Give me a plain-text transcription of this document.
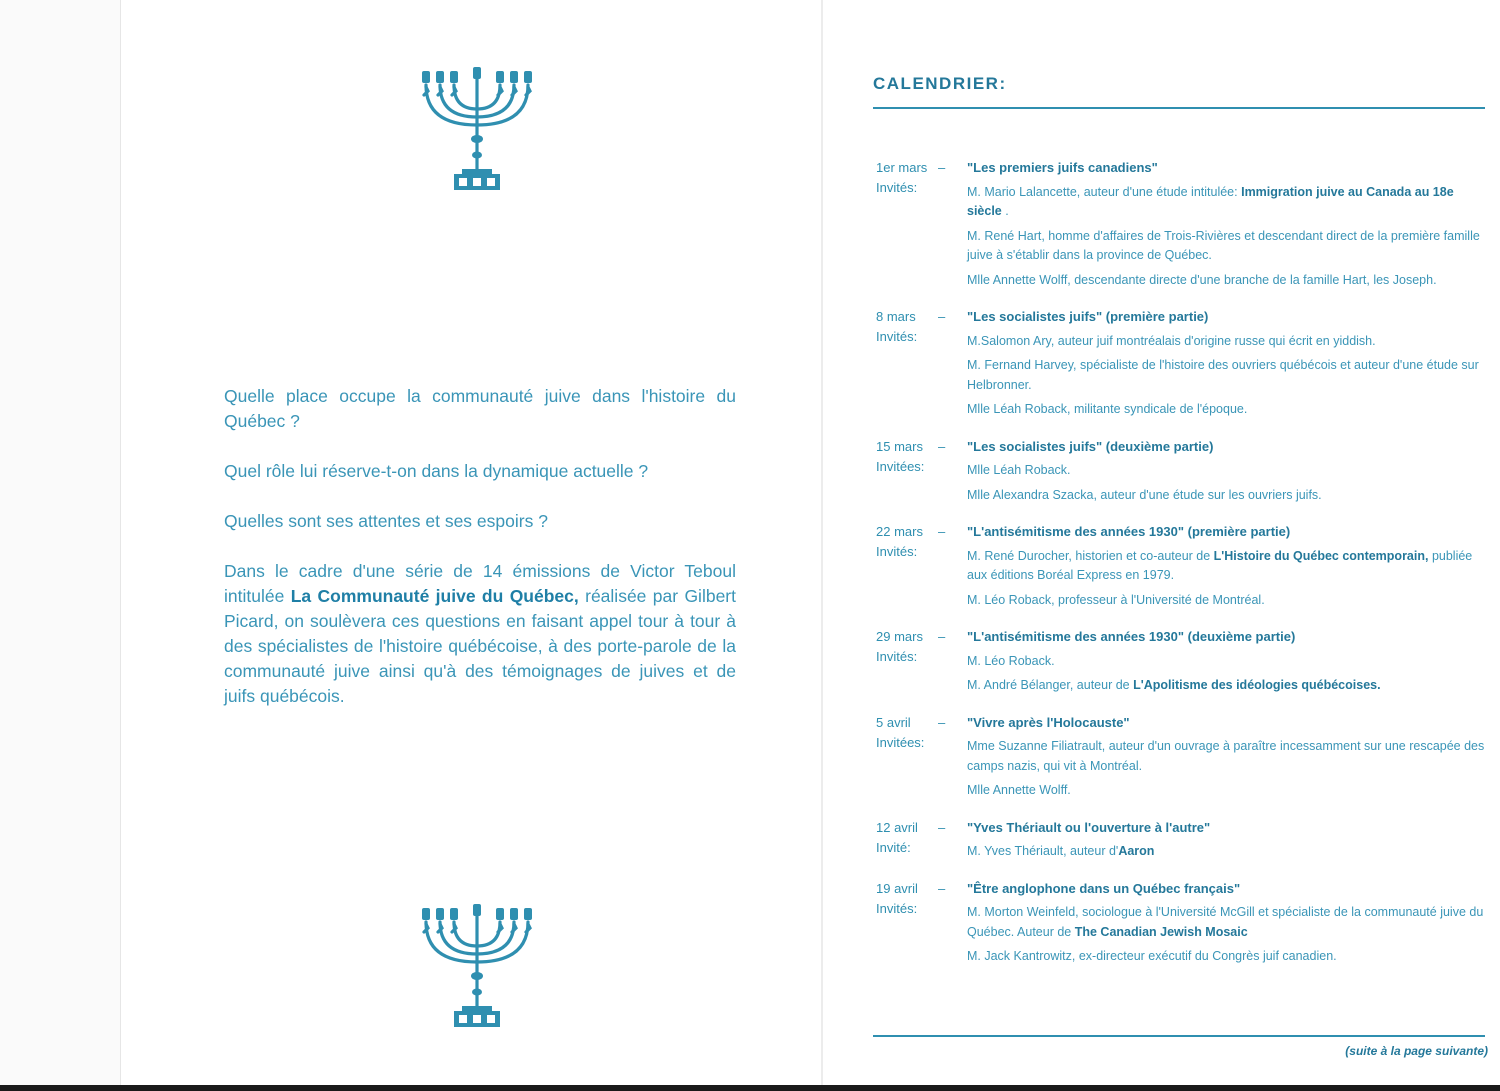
Quelle place occupe la communauté juive dans l'histoire du Québec ?

Quel rôle lui réserve-t-on dans la dynamique actuelle ?

Quelles sont ses attentes et ses espoirs ?

Dans le cadre d'une série de 14 émissions de Victor Teboul intitulée La Communauté juive du Québec, réalisée par Gilbert Picard, on soulèvera ces questions en faisant appel tour à tour à des spécialistes de l'histoire québécoise, à des porte-parole de la communauté juive ainsi qu'à des témoignages de juives et de juifs québécois.

CALENDRIER:
1er mars
Invités:
–	"Les premiers juifs canadiens"
M. Mario Lalancette, auteur d'une étude intitulée: Immigration juive au Canada au 18e siècle .
M. René Hart, homme d'affaires de Trois-Rivières et descendant direct de la première famille juive à s'établir dans la province de Québec.
Mlle Annette Wolff, descendante directe d'une branche de la famille Hart, les Joseph.
8 mars
Invités:
–	"Les socialistes juifs" (première partie)
M.Salomon Ary, auteur juif montréalais d'origine russe qui écrit en yiddish.
M. Fernand Harvey, spécialiste de l'histoire des ouvriers québécois et auteur d'une étude sur Helbronner.
Mlle Léah Roback, militante syndicale de l'époque.
15 mars
Invitées:
–	"Les socialistes juifs" (deuxième partie)
Mlle Léah Roback.
Mlle Alexandra Szacka, auteur d'une étude sur les ouvriers juifs.
22 mars
Invités:
–	"L'antisémitisme des années 1930" (première partie)
M. René Durocher, historien et co-auteur de L'Histoire du Québec contemporain, publiée aux éditions Boréal Express en 1979.
M. Léo Roback, professeur à l'Université de Montréal.
29 mars
Invités:
–	"L'antisémitisme des années 1930" (deuxième partie)
M. Léo Roback.
M. André Bélanger, auteur de L'Apolitisme des idéologies québécoises.
5 avril
Invitées:
–	"Vivre après l'Holocauste"
Mme Suzanne Filiatrault, auteur d'un ouvrage à paraître incessamment sur une rescapée des camps nazis, qui vit à Montréal.
Mlle Annette Wolff.
12 avril
Invité:
–	"Yves Thériault ou l'ouverture à l'autre"
M. Yves Thériault, auteur d'Aaron
19 avril
Invités:
–	"Être anglophone dans un Québec français"
M. Morton Weinfeld, sociologue à l'Université McGill et spécialiste de la communauté juive du Québec. Auteur de The Canadian Jewish Mosaic
M. Jack Kantrowitz, ex-directeur exécutif du Congrès juif canadien.
(suite à la page suivante)
